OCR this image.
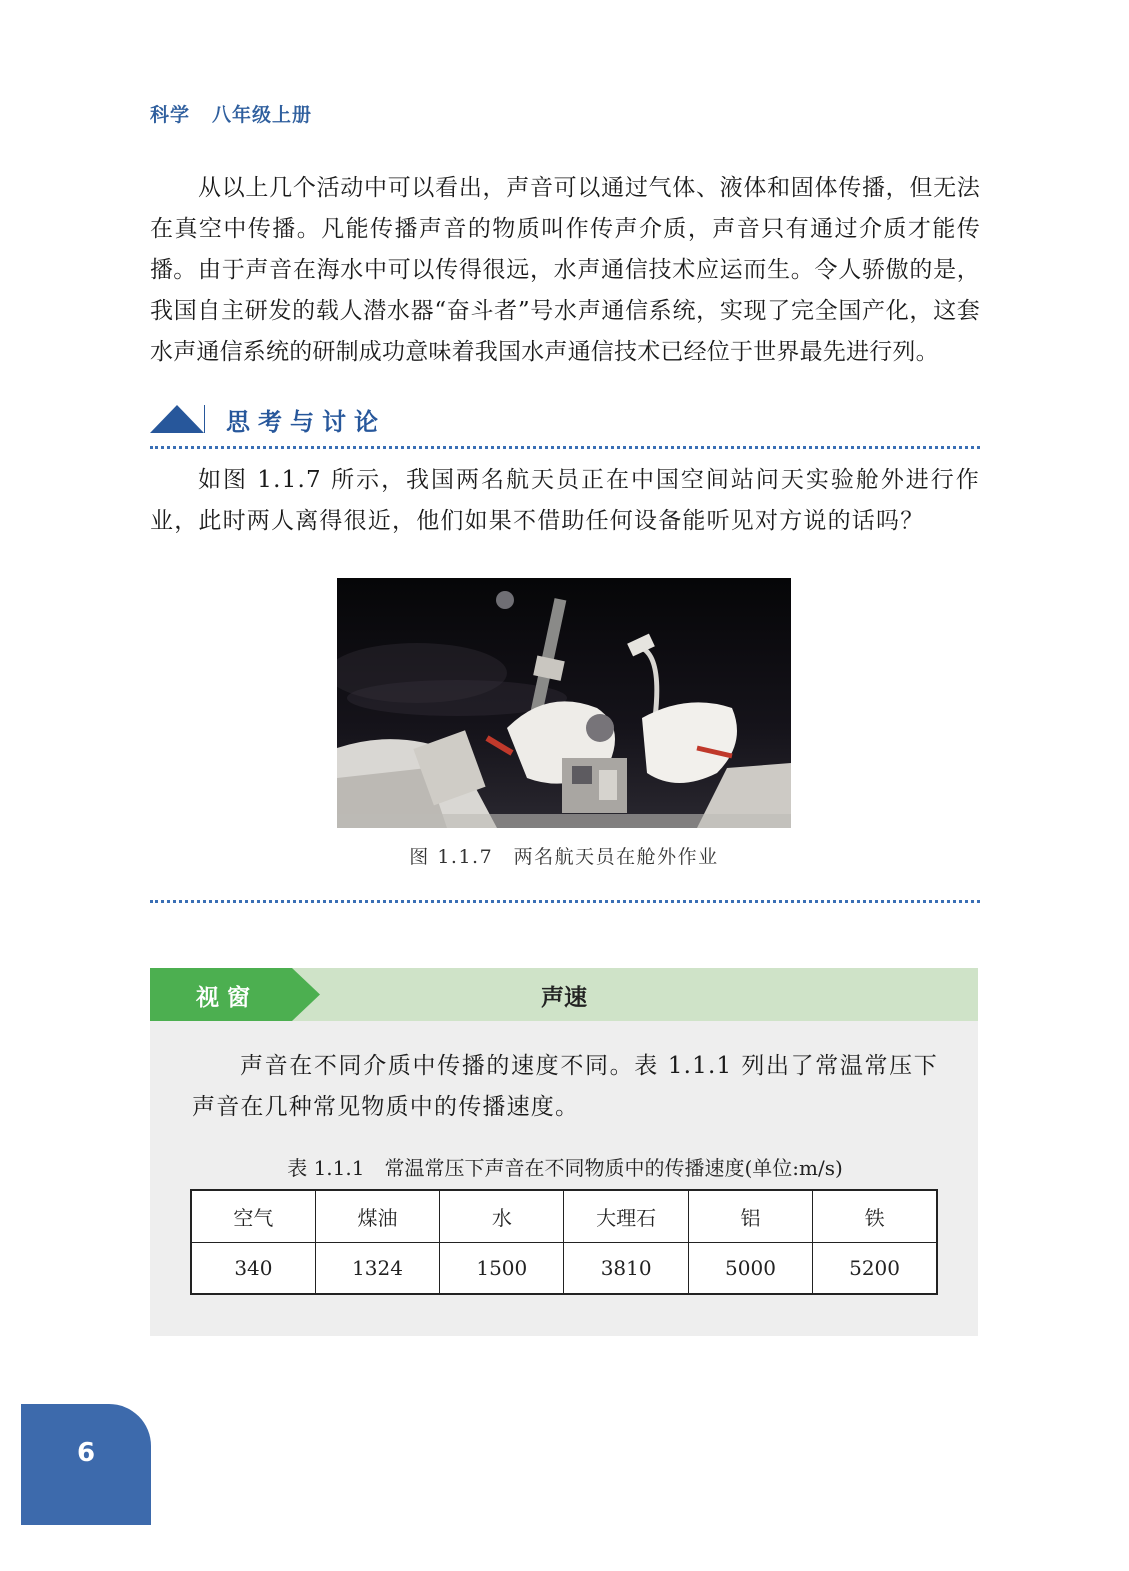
科学 八年级上册

从以上几个活动中可以看出，声音可以通过气体、液体和固体传播，但无法在真空中传播。凡能传播声音的物质叫作传声介质，声音只有通过介质才能传播。 由于声音在海水中可以传得很远，水声通信技术应运而生。令人骄傲的是，我国自主研发的载人潜水器“奋斗者”号水声通信系统，实现了完全国产化，这套水声通信系统的研制成功意味着我国水声通信技术已经位于世界最先进行列。

思考与讨论

如图 1.1.7 所示，我国两名航天员正在中国空间站问天实验舱外进行作业，此时两人离得很近，他们如果不借助任何设备能听见对方说的话吗？

图 1.1.7　两名航天员在舱外作业
视窗	声速

声音在不同介质中传播的速度不同。表 1.1.1 列出了常温常压下声音在几种常见物质中的传播速度。

表 1.1.1　常温常压下声音在不同物质中的传播速度(单位:m/s)
空气	煤油	水	大理石	铝	铁
340	1324	1500	3810	5000	5200
6
